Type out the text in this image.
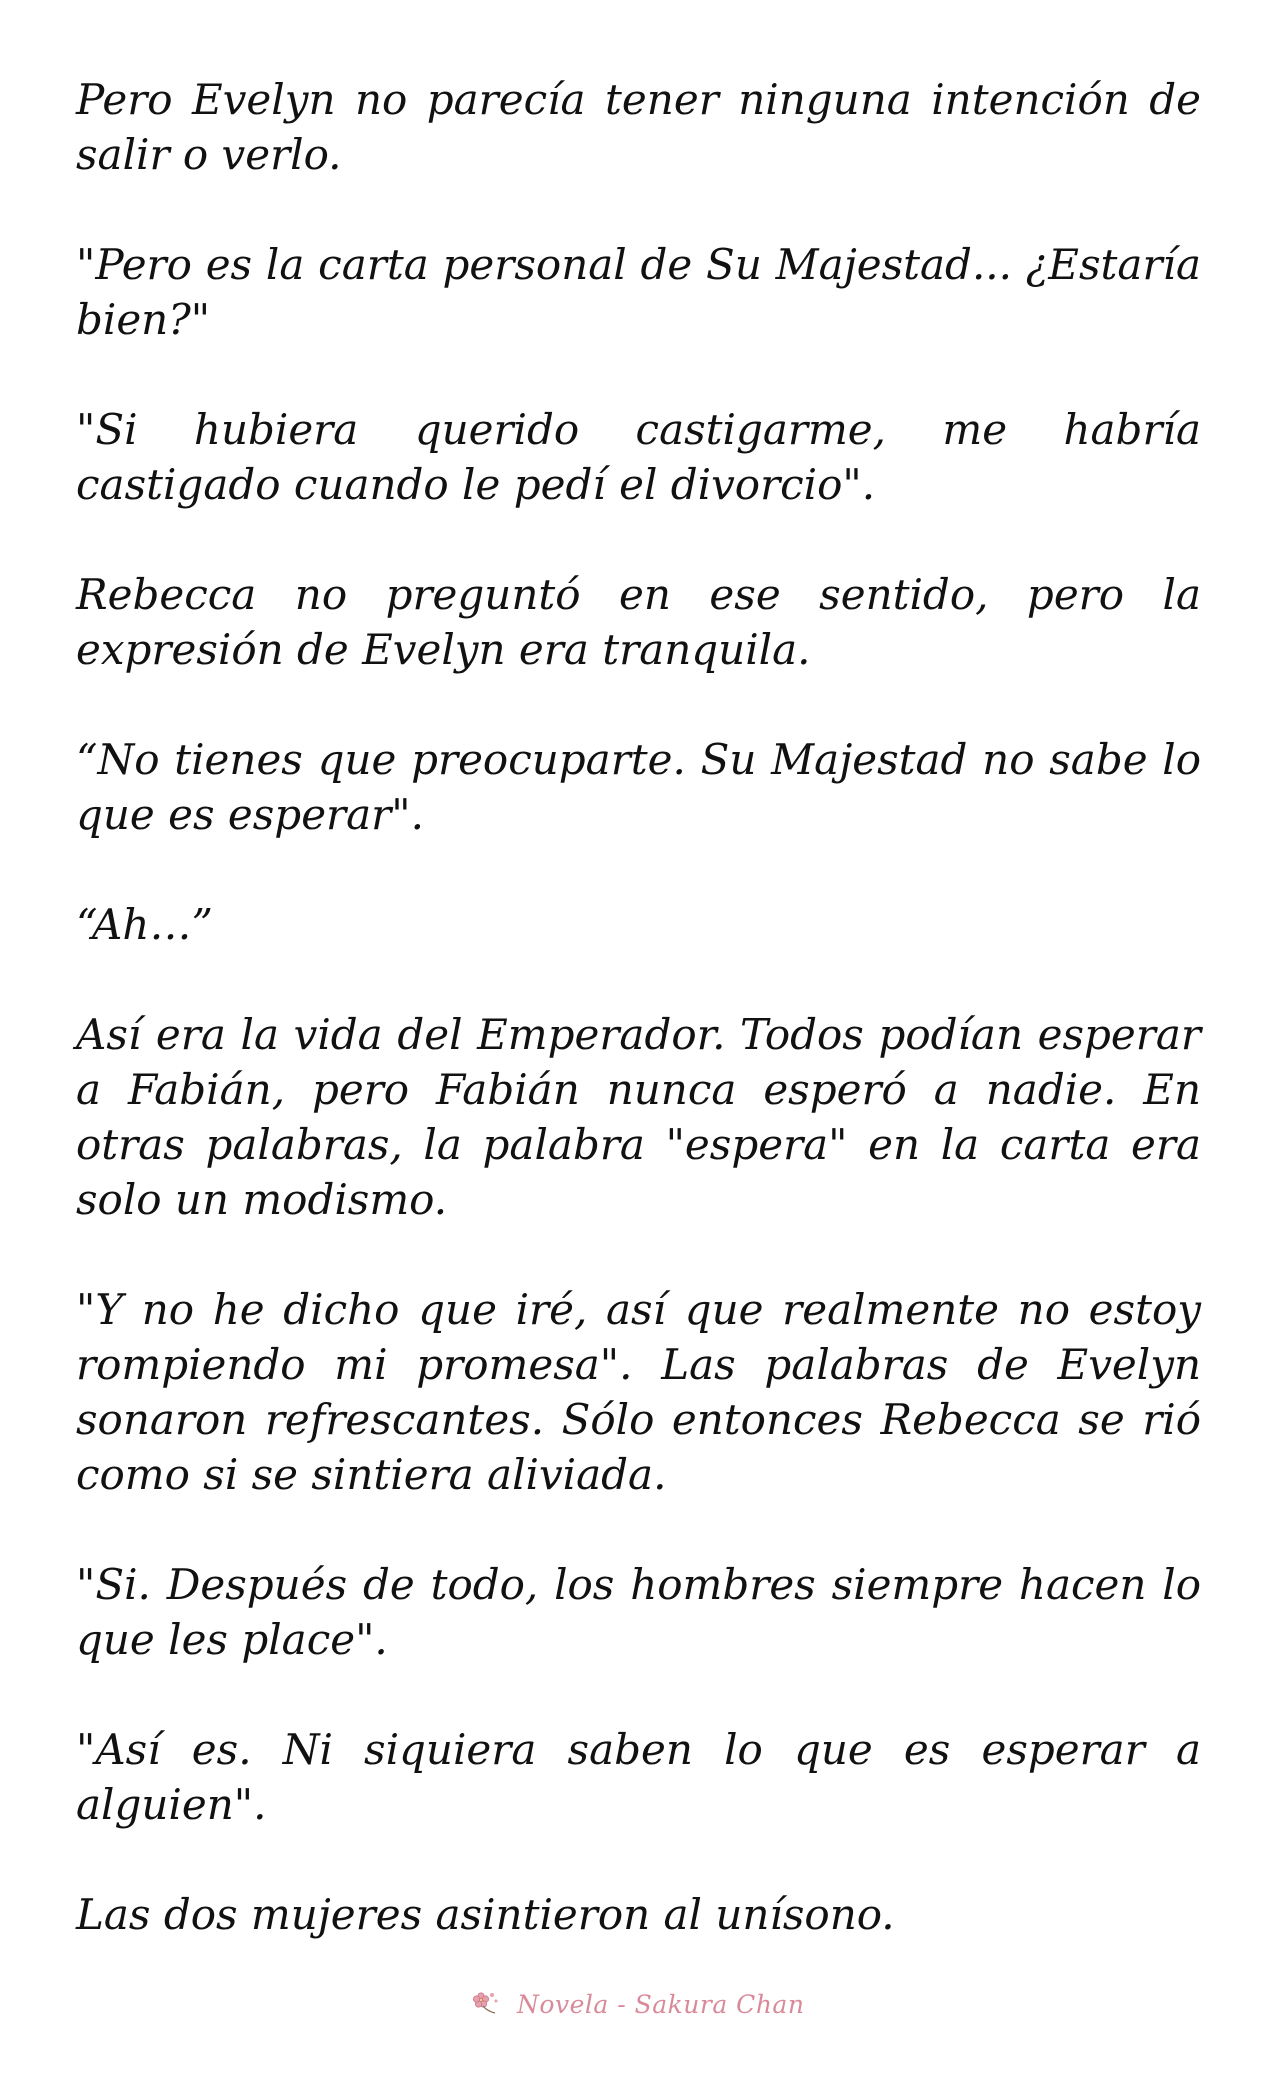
Pero Evelyn no parecía tener ninguna intención de salir o verlo.

"Pero es la carta personal de Su Majestad... ¿Estaría bien?"

"Si hubiera querido castigarme, me habría castigado cuando le pedí el divorcio".

Rebecca no preguntó en ese sentido, pero la expresión de Evelyn era tranquila.

“No tienes que preocuparte. Su Majestad no sabe lo que es esperar".

“Ah…”

Así era la vida del Emperador. Todos podían esperar a Fabián, pero Fabián nunca esperó a nadie. En otras palabras, la palabra "espera" en la carta era solo un modismo.

"Y no he dicho que iré, así que realmente no estoy rompiendo mi promesa". Las palabras de Evelyn sonaron refrescantes. Sólo entonces Rebecca se rió como si se sintiera aliviada.

"Si. Después de todo, los hombres siempre hacen lo que les place".

"Así es. Ni siquiera saben lo que es esperar a alguien".

Las dos mujeres asintieron al unísono.

Novela - Sakura Chan
